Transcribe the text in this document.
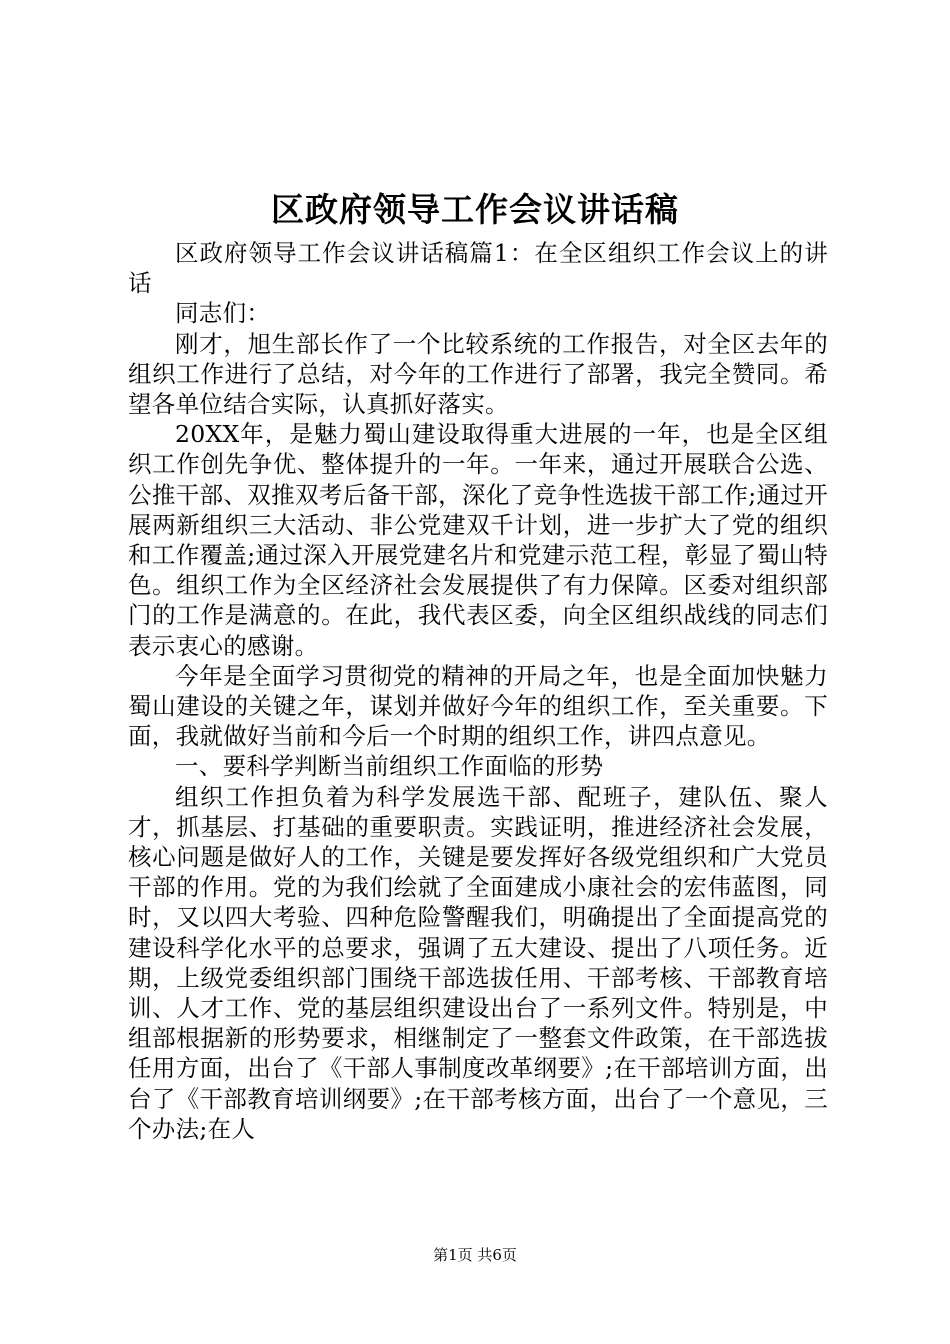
区政府领导工作会议讲话稿

区政府领导工作会议讲话稿篇1：在全区组织工作会议上的讲话

同志们：

刚才，旭生部长作了一个比较系统的工作报告，对全区去年的组织工作进行了总结，对今年的工作进行了部署，我完全赞同。希望各单位结合实际，认真抓好落实。

20XX年，是魅力蜀山建设取得重大进展的一年，也是全区组织工作创先争优、整体提升的一年。一年来，通过开展联合公选、公推干部、双推双考后备干部，深化了竞争性选拔干部工作;通过开展两新组织三大活动、非公党建双千计划，进一步扩大了党的组织和工作覆盖;通过深入开展党建名片和党建示范工程，彰显了蜀山特色。组织工作为全区经济社会发展提供了有力保障。区委对组织部门的工作是满意的。在此，我代表区委，向全区组织战线的同志们表示衷心的感谢。

今年是全面学习贯彻党的精神的开局之年，也是全面加快魅力蜀山建设的关键之年，谋划并做好今年的组织工作，至关重要。下面，我就做好当前和今后一个时期的组织工作，讲四点意见。

一、要科学判断当前组织工作面临的形势

组织工作担负着为科学发展选干部、配班子，建队伍、聚人才，抓基层、打基础的重要职责。实践证明，推进经济社会发展，核心问题是做好人的工作，关键是要发挥好各级党组织和广大党员干部的作用。党的为我们绘就了全面建成小康社会的宏伟蓝图，同时，又以四大考验、四种危险警醒我们，明确提出了全面提高党的建设科学化水平的总要求，强调了五大建设、提出了八项任务。近期，上级党委组织部门围绕干部选拔任用、干部考核、干部教育培训、人才工作、党的基层组织建设出台了一系列文件。特别是，中组部根据新的形势要求，相继制定了一整套文件政策，在干部选拔任用方面，出台了《干部人事制度改革纲要》;在干部培训方面，出台了《干部教育培训纲要》;在干部考核方面，出台了一个意见，三个办法;在人

第1页 共6页
